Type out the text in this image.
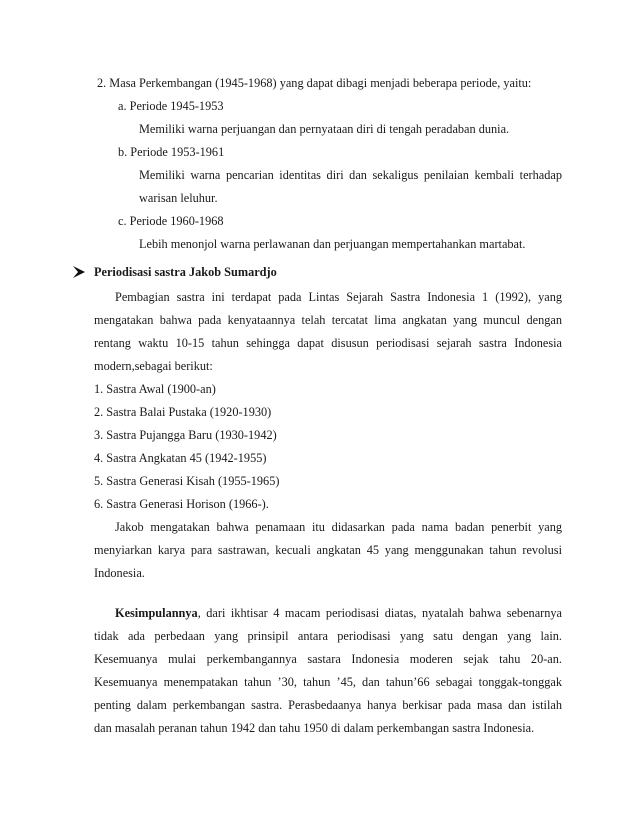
2. Masa Perkembangan (1945-1968) yang dapat dibagi menjadi beberapa periode, yaitu:
a. Periode 1945-1953
Memiliki warna perjuangan dan pernyataan diri di tengah peradaban dunia.
b. Periode 1953-1961
Memiliki warna pencarian identitas diri dan sekaligus penilaian kembali terhadap
warisan leluhur.
c. Periode 1960-1968
Lebih menonjol warna perlawanan dan perjuangan mempertahankan martabat.
Periodisasi sastra Jakob Sumardjo
Pembagian sastra ini terdapat pada Lintas Sejarah Sastra Indonesia 1 (1992), yang
mengatakan bahwa pada kenyataannya telah tercatat lima angkatan yang muncul dengan
rentang waktu 10-15 tahun sehingga dapat disusun periodisasi sejarah sastra Indonesia
modern,sebagai berikut:
1. Sastra Awal (1900-an)
2. Sastra Balai Pustaka (1920-1930)
3. Sastra Pujangga Baru (1930-1942)
4. Sastra Angkatan 45 (1942-1955)
5. Sastra Generasi Kisah (1955-1965)
6. Sastra Generasi Horison (1966-).
Jakob mengatakan bahwa penamaan itu didasarkan pada nama badan penerbit yang
menyiarkan karya para sastrawan, kecuali angkatan 45 yang menggunakan tahun revolusi
Indonesia.
Kesimpulannya, dari ikhtisar 4 macam periodisasi diatas, nyatalah bahwa sebenarnya
tidak ada perbedaan yang prinsipil antara periodisasi yang satu dengan yang lain.
Kesemuanya mulai perkembangannya sastara Indonesia moderen sejak tahu 20-an.
Kesemuanya menempatakan tahun ’30, tahun ’45, dan tahun’66 sebagai tonggak-tonggak
penting dalam perkembangan sastra. Perasbedaanya hanya berkisar pada masa dan istilah
dan masalah peranan tahun 1942 dan tahu 1950 di dalam perkembangan sastra Indonesia.
